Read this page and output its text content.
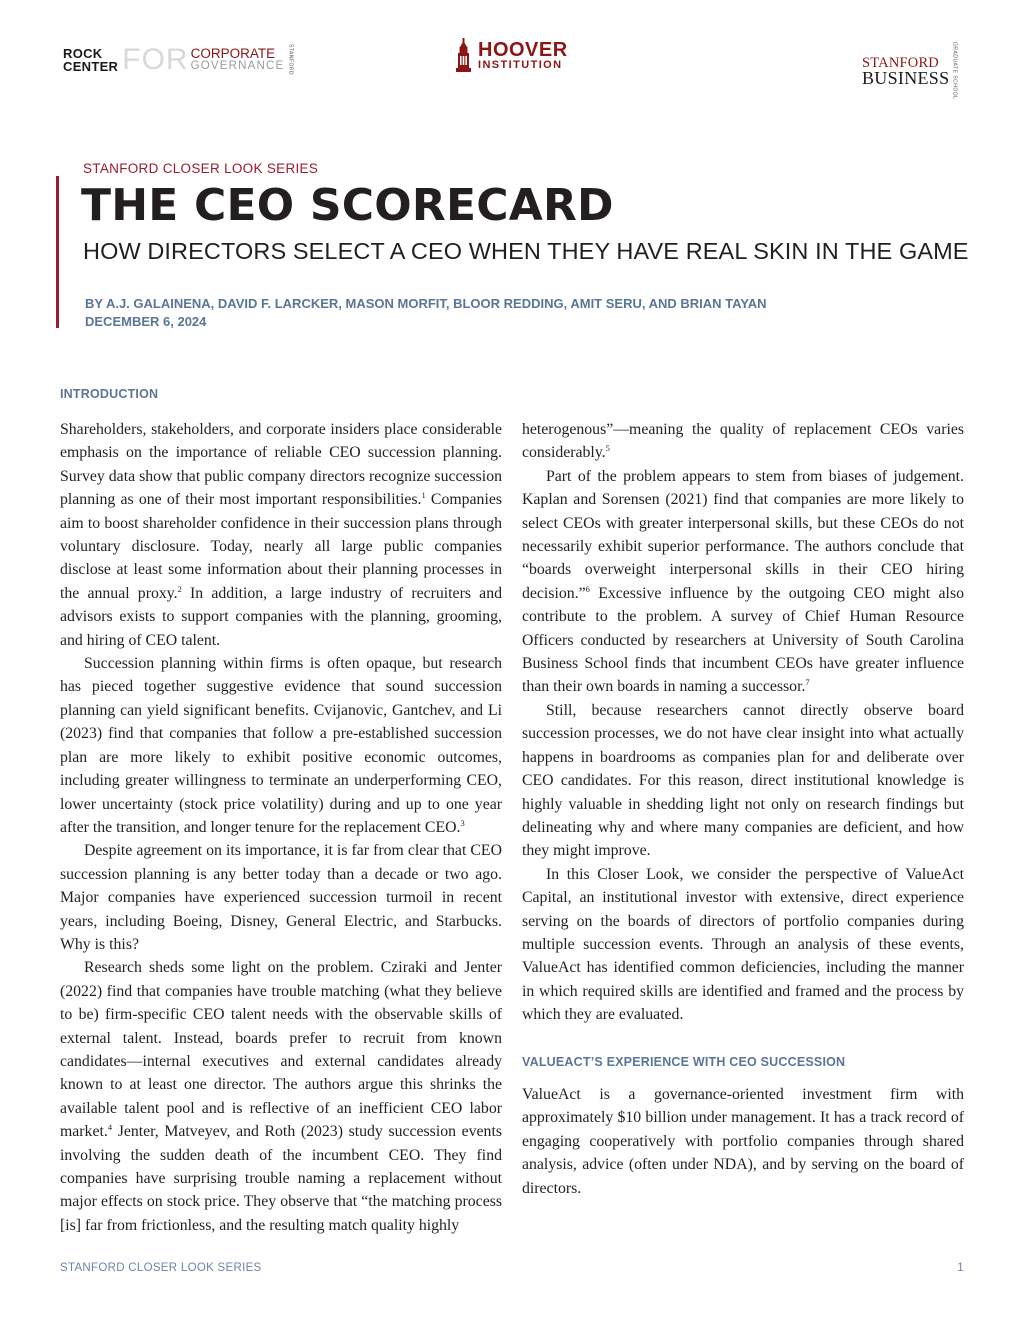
ROCK
CENTER FOR CORPORATE
GOVERNANCE STANFORD	HOOVER
INSTITUTION	STANFORD
BUSINESS GRADUATE SCHOOL
STANFORD CLOSER LOOK SERIES
THE CEO SCORECARD
HOW DIRECTORS SELECT A CEO WHEN THEY HAVE REAL SKIN IN THE GAME
BY A.J. GALAINENA, DAVID F. LARCKER, MASON MORFIT, BLOOR REDDING, AMIT SERU, AND BRIAN TAYAN
DECEMBER 6, 2024
INTRODUCTION

Shareholders, stakeholders, and corporate insiders place considerable emphasis on the importance of reliable CEO succession planning. Survey data show that public company directors recognize succession planning as one of their most important responsibilities.$^1$ Companies aim to boost shareholder confidence in their succession plans through voluntary disclosure. Today, nearly all large public companies disclose at least some information about their planning processes in the annual proxy.$^2$ In addition, a large industry of recruiters and advisors exists to support companies with the planning, grooming, and hiring of CEO talent.

Succession planning within firms is often opaque, but research has pieced together suggestive evidence that sound succession planning can yield significant benefits. Cvijanovic, Gantchev, and Li (2023) find that companies that follow a pre-established succession plan are more likely to exhibit positive economic outcomes, including greater willingness to terminate an underperforming CEO, lower uncertainty (stock price volatility) during and up to one year after the transition, and longer tenure for the replacement CEO.$^3$

Despite agreement on its importance, it is far from clear that CEO succession planning is any better today than a decade or two ago. Major companies have experienced succession turmoil in recent years, including Boeing, Disney, General Electric, and Starbucks. Why is this?

Research sheds some light on the problem. Cziraki and Jenter (2022) find that companies have trouble matching (what they believe to be) firm-specific CEO talent needs with the observable skills of external talent. Instead, boards prefer to recruit from known candidates—internal executives and external candidates already known to at least one director. The authors argue this shrinks the available talent pool and is reflective of an inefficient CEO labor market.$^4$ Jenter, Matveyev, and Roth (2023) study succession events involving the sudden death of the incumbent CEO. They find companies have surprising trouble naming a replacement without major effects on stock price. They observe that “the matching process [is] far from frictionless, and the resulting match quality highly

heterogenous”—meaning the quality of replacement CEOs varies considerably.$^5$

Part of the problem appears to stem from biases of judgement. Kaplan and Sorensen (2021) find that companies are more likely to select CEOs with greater interpersonal skills, but these CEOs do not necessarily exhibit superior performance. The authors conclude that “boards overweight interpersonal skills in their CEO hiring decision.”$^6$ Excessive influence by the outgoing CEO might also contribute to the problem. A survey of Chief Human Resource Officers conducted by researchers at University of South Carolina Business School finds that incumbent CEOs have greater influence than their own boards in naming a successor.$^7$

Still, because researchers cannot directly observe board succession processes, we do not have clear insight into what actually happens in boardrooms as companies plan for and deliberate over CEO candidates. For this reason, direct institutional knowledge is highly valuable in shedding light not only on research findings but delineating why and where many companies are deficient, and how they might improve.

In this Closer Look, we consider the perspective of ValueAct Capital, an institutional investor with extensive, direct experience serving on the boards of directors of portfolio companies during multiple succession events. Through an analysis of these events, ValueAct has identified common deficiencies, including the manner in which required skills are identified and framed and the process by which they are evaluated.

VALUEACT’S EXPERIENCE WITH CEO SUCCESSION

ValueAct is a governance-oriented investment firm with approximately $10 billion under management. It has a track record of engaging cooperatively with portfolio companies through shared analysis, advice (often under NDA), and by serving on the board of directors.

STANFORD CLOSER LOOK SERIES	1
